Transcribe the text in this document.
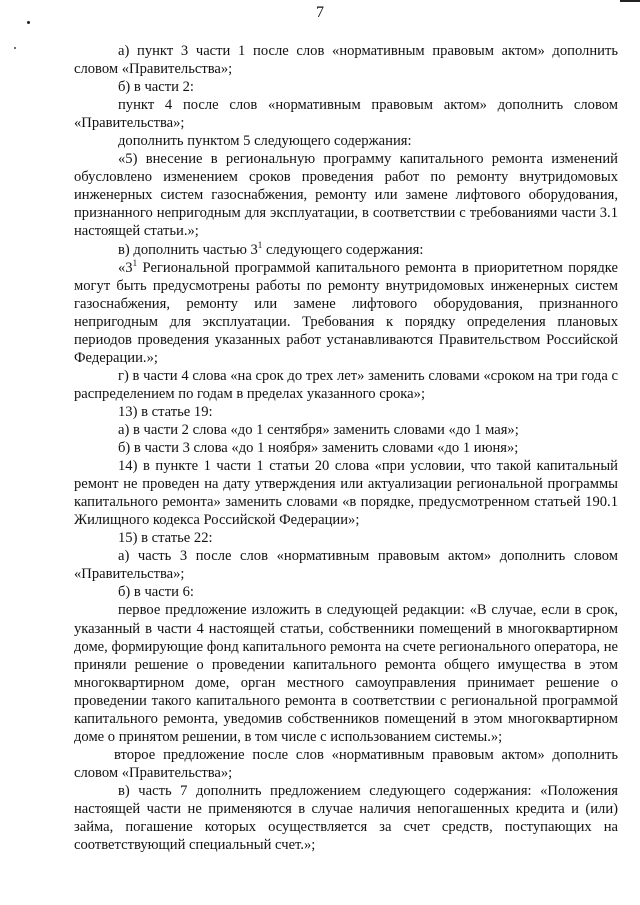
7

а) пункт 3 части 1 после слов «нормативным правовым актом» дополнить словом «Правительства»;

б) в части 2:

пункт 4 после слов «нормативным правовым актом» дополнить словом «Правительства»;

дополнить пунктом 5 следующего содержания:

«5) внесение в региональную программу капитального ремонта изменений обусловлено изменением сроков проведения работ по ремонту внутридомовых инженерных систем газоснабжения, ремонту или замене лифтового оборудования, признанного непригодным для эксплуатации, в соответствии с требованиями части 3.1 настоящей статьи.»;

в) дополнить частью $3^1$ следующего содержания:

«$3^1$ Региональной программой капитального ремонта в приоритетном порядке могут быть предусмотрены работы по ремонту внутридомовых инженерных систем газоснабжения, ремонту или замене лифтового оборудования, признанного непригодным для эксплуатации. Требования к порядку определения плановых периодов проведения указанных работ устанавливаются Правительством Российской Федерации.»;

г) в части 4 слова «на срок до трех лет» заменить словами «сроком на три года с распределением по годам в пределах указанного срока»;

13) в статье 19:

а) в части 2 слова «до 1 сентября» заменить словами «до 1 мая»;

б) в части 3 слова «до 1 ноября» заменить словами «до 1 июня»;

14) в пункте 1 части 1 статьи 20 слова «при условии, что такой капитальный ремонт не проведен на дату утверждения или актуализации региональной программы капитального ремонта» заменить словами «в порядке, предусмотренном статьей 190.1 Жилищного кодекса Российской Федерации»;

15) в статье 22:

а) часть 3 после слов «нормативным правовым актом» дополнить словом «Правительства»;

б) в части 6:

первое предложение изложить в следующей редакции: «В случае, если в срок, указанный в части 4 настоящей статьи, собственники помещений в многоквартирном доме, формирующие фонд капитального ремонта на счете регионального оператора, не приняли решение о проведении капитального ремонта общего имущества в этом многоквартирном доме, орган местного самоуправления принимает решение о проведении такого капитального ремонта в соответствии с региональной программой капитального ремонта, уведомив собственников помещений в этом многоквартирном доме о принятом решении, в том числе с использованием системы.»;

второе предложение после слов «нормативным правовым актом» дополнить словом «Правительства»;

в) часть 7 дополнить предложением следующего содержания: «Положения настоящей части не применяются в случае наличия непогашенных кредита и (или) займа, погашение которых осуществляется за счет средств, поступающих на соответствующий специальный счет.»;
